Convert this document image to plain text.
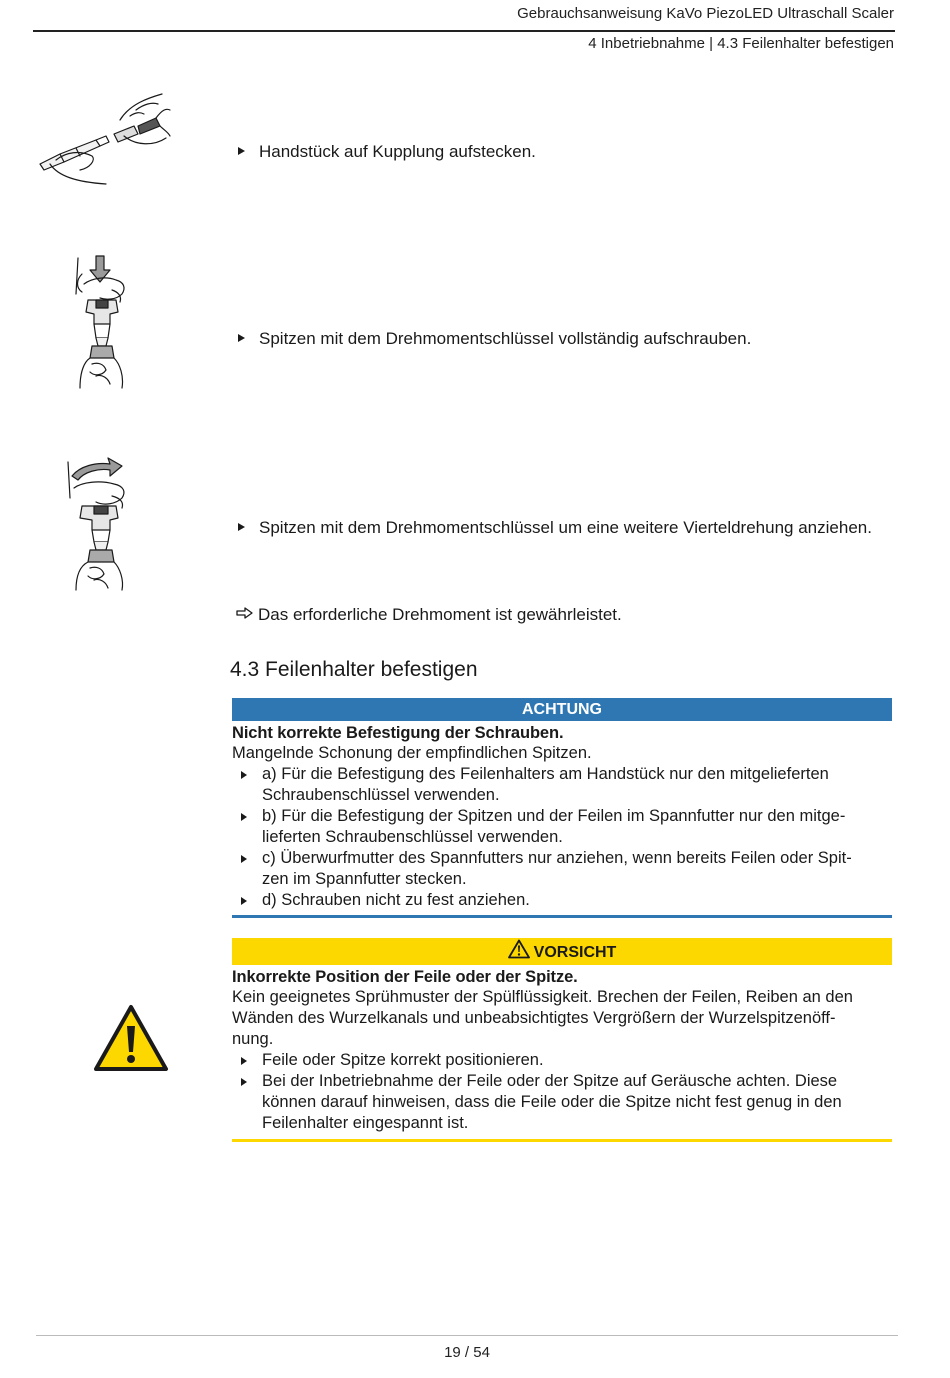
Gebrauchsanweisung KaVo PiezoLED Ultraschall Scaler
4 Inbetriebnahme | 4.3 Feilenhalter befestigen
Handstück auf Kupplung aufstecken.
Spitzen mit dem Drehmomentschlüssel vollständig aufschrauben.
Spitzen mit dem Drehmomentschlüssel um eine weitere Vierteldrehung anziehen.
Das erforderliche Drehmoment ist gewährleistet.
4.3 Feilenhalter befestigen
ACHTUNG
Nicht korrekte Befestigung der Schrauben.
Mangelnde Schonung der empfindlichen Spitzen.
a) Für die Befestigung des Feilenhalters am Handstück nur den mitgelieferten
Schraubenschlüssel verwenden.
b) Für die Befestigung der Spitzen und der Feilen im Spannfutter nur den mitge-
lieferten Schraubenschlüssel verwenden.
c) Überwurfmutter des Spannfutters nur anziehen, wenn bereits Feilen oder Spit-
zen im Spannfutter stecken.
d) Schrauben nicht zu fest anziehen.
VORSICHT
Inkorrekte Position der Feile oder der Spitze.
Kein geeignetes Sprühmuster der Spülflüssigkeit. Brechen der Feilen, Reiben an den
Wänden des Wurzelkanals und unbeabsichtigtes Vergrößern der Wurzelspitzenöff-
nung.
Feile oder Spitze korrekt positionieren.
Bei der Inbetriebnahme der Feile oder der Spitze auf Geräusche achten. Diese
können darauf hinweisen, dass die Feile oder die Spitze nicht fest genug in den
Feilenhalter eingespannt ist.
19 / 54
